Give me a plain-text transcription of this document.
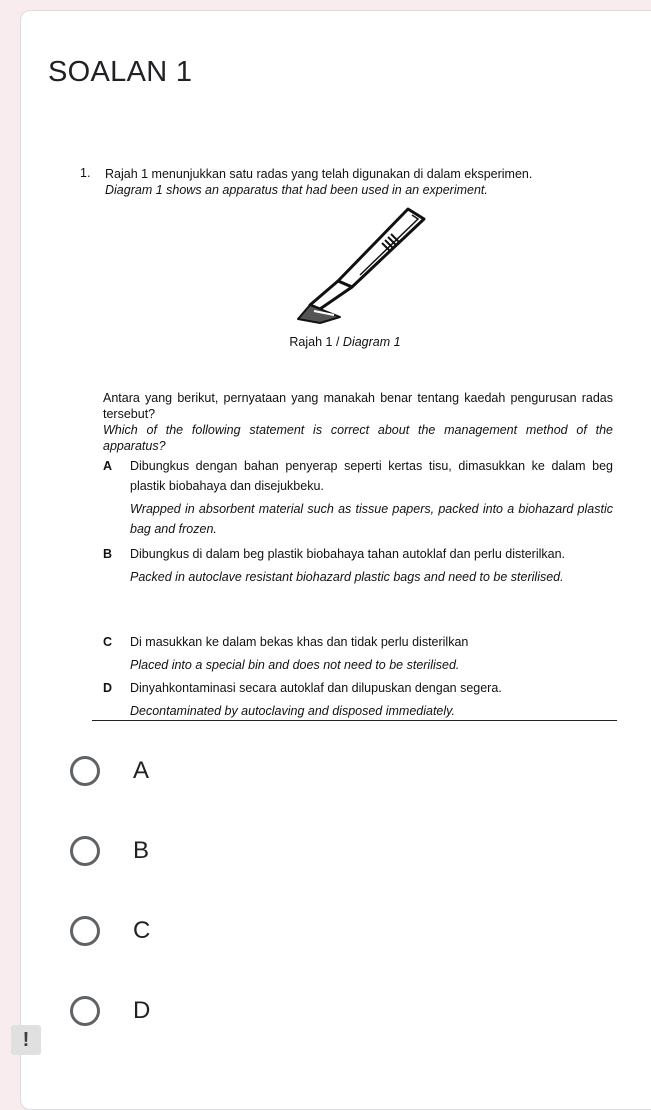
SOALAN 1
1. Rajah 1 menunjukkan satu radas yang telah digunakan di dalam eksperimen.
Diagram 1 shows an apparatus that had been used in an experiment.
Rajah 1 / Diagram 1
Antara yang berikut, pernyataan yang manakah benar tentang kaedah pengurusan radas tersebut?
Which of the following statement is correct about the management method of the apparatus?
A Dibungkus dengan bahan penyerap seperti kertas tisu, dimasukkan ke dalam beg plastik biobahaya dan disejukbeku.
Wrapped in absorbent material such as tissue papers, packed into a biohazard plastic bag and frozen.
B Dibungkus di dalam beg plastik biobahaya tahan autoklaf dan perlu disterilkan.
Packed in autoclave resistant biohazard plastic bags and need to be sterilised.
C Di masukkan ke dalam bekas khas dan tidak perlu disterilkan
Placed into a special bin and does not need to be sterilised.
D Dinyahkontaminasi secara autoklaf dan dilupuskan dengan segera.
Decontaminated by autoclaving and disposed immediately.
A
B
C
D
!
